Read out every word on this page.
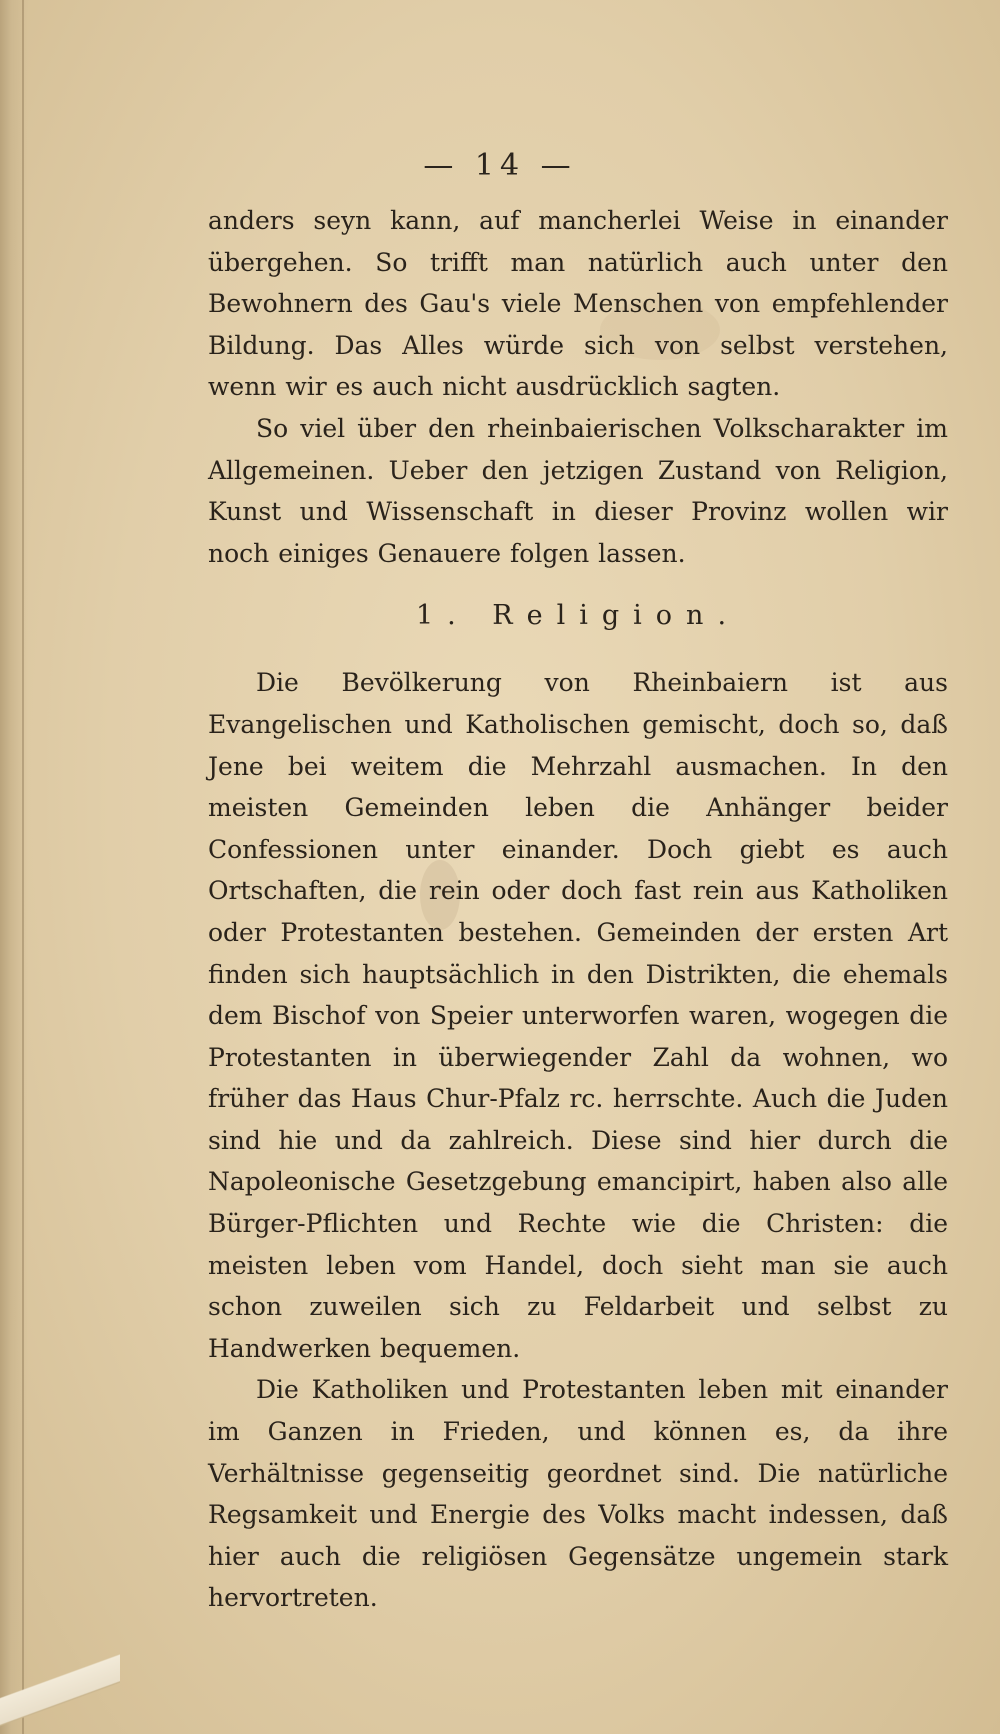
— 14 —

anders seyn kann, auf mancherlei Weise in einander übergehen. So trifft man natürlich auch unter den Bewohnern des Gau's viele Menschen von empfehlender Bildung. Das Alles würde sich von selbst verstehen, wenn wir es auch nicht ausdrücklich sagten.

So viel über den rheinbaierischen Volkscharakter im Allgemeinen. Ueber den jetzigen Zustand von Religion, Kunst und Wissenschaft in dieser Provinz wollen wir noch einiges Genauere folgen lassen.

1. Religion.

Die Bevölkerung von Rheinbaiern ist aus Evangelischen und Katholischen gemischt, doch so, daß Jene bei weitem die Mehrzahl ausmachen. In den meisten Gemeinden leben die Anhänger beider Confessionen unter einander. Doch giebt es auch Ortschaften, die rein oder doch fast rein aus Katholiken oder Protestanten bestehen. Gemeinden der ersten Art finden sich hauptsächlich in den Distrikten, die ehemals dem Bischof von Speier unterworfen waren, wogegen die Protestanten in überwiegender Zahl da wohnen, wo früher das Haus Chur-Pfalz rc. herrschte. Auch die Juden sind hie und da zahlreich. Diese sind hier durch die Napoleonische Gesetzgebung emancipirt, haben also alle Bürger-Pflichten und Rechte wie die Christen: die meisten leben vom Handel, doch sieht man sie auch schon zuweilen sich zu Feldarbeit und selbst zu Handwerken bequemen.

Die Katholiken und Protestanten leben mit einander im Ganzen in Frieden, und können es, da ihre Verhältnisse gegenseitig geordnet sind. Die natürliche Regsamkeit und Energie des Volks macht indessen, daß hier auch die religiösen Gegensätze ungemein stark hervortreten.
